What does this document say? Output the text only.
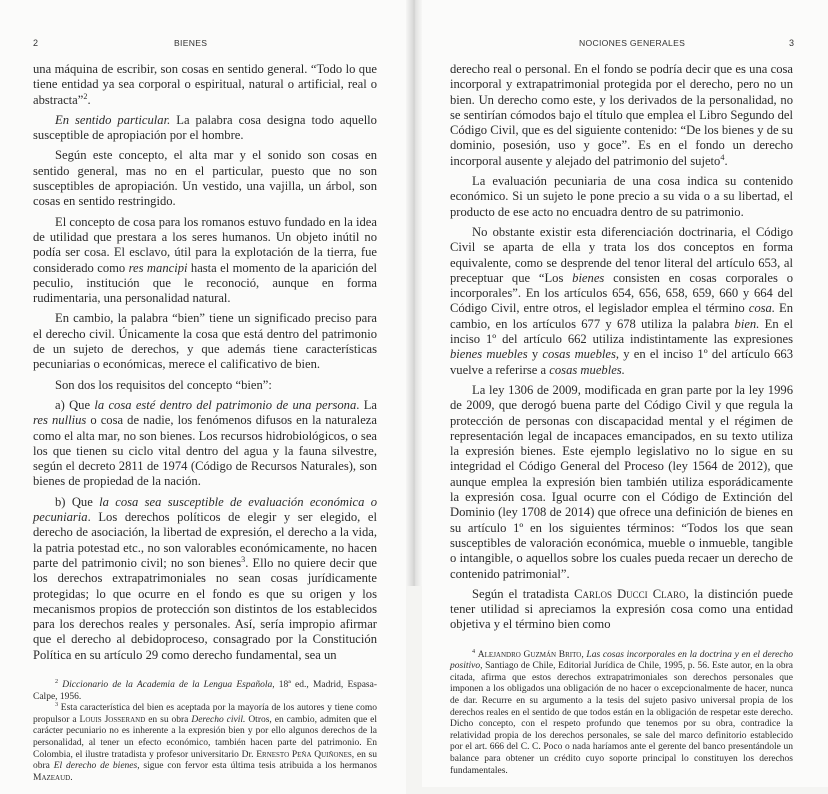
2	BIENES

una máquina de escribir, son cosas en sentido general. “Todo lo que tiene entidad ya sea corporal o espiritual, natural o artificial, real o abstracta”$^2$.

En sentido particular. La palabra cosa designa todo aquello susceptible de apropiación por el hombre.

Según este concepto, el alta mar y el sonido son cosas en sentido general, mas no en el particular, puesto que no son susceptibles de apropiación. Un vestido, una vajilla, un árbol, son cosas en sentido restringido.

El concepto de cosa para los romanos estuvo fundado en la idea de utilidad que prestara a los seres humanos. Un objeto inútil no podía ser cosa. El esclavo, útil para la explotación de la tierra, fue considerado como res mancipi hasta el momento de la aparición del peculio, institución que le reconoció, aunque en forma rudimentaria, una personalidad natural.

En cambio, la palabra “bien” tiene un significado preciso para el derecho civil. Únicamente la cosa que está dentro del patrimonio de un sujeto de derechos, y que además tiene características pecuniarias o económicas, merece el calificativo de bien.

Son dos los requisitos del concepto “bien”:

a) Que la cosa esté dentro del patrimonio de una persona. La res nullius o cosa de nadie, los fenómenos difusos en la naturaleza como el alta mar, no son bienes. Los recursos hidrobiológicos, o sea los que tienen su ciclo vital dentro del agua y la fauna silvestre, según el decreto 2811 de 1974 (Código de Recursos Naturales), son bienes de propiedad de la nación.

b) Que la cosa sea susceptible de evaluación económica o pecuniaria. Los derechos políticos de elegir y ser elegido, el derecho de asociación, la libertad de expresión, el derecho a la vida, la patria potestad etc., no son valorables económicamente, no hacen parte del patrimonio civil; no son bienes$^3$. Ello no quiere decir que los derechos extrapatrimoniales no sean cosas jurídicamente protegidas; lo que ocurre en el fondo es que su origen y los mecanismos propios de protección son distintos de los establecidos para los derechos reales y personales. Así, sería impropio afirmar que el derecho al debidoproceso, consagrado por la Constitución Política en su artículo 29 como derecho fundamental, sea un

$^2$ Diccionario de la Academia de la Lengua Española, 18ª ed., Madrid, Espasa-Calpe, 1956.

$^3$ Esta característica del bien es aceptada por la mayoría de los autores y tiene como propulsor a Louis Josserand en su obra Derecho civil. Otros, en cambio, admiten que el carácter pecuniario no es inherente a la expresión bien y por ello algunos derechos de la personalidad, al tener un efecto económico, también hacen parte del patrimonio. En Colombia, el ilustre tratadista y profesor universitario Dr. Ernesto Peña Quiñones, en su obra El derecho de bienes, sigue con fervor esta última tesis atribuida a los hermanos Mazeaud.

NOCIONES GENERALES	3

derecho real o personal. En el fondo se podría decir que es una cosa incorporal y extrapatrimonial protegida por el derecho, pero no un bien. Un derecho como este, y los derivados de la personalidad, no se sentirían cómodos bajo el título que emplea el Libro Segundo del Código Civil, que es del siguiente contenido: “De los bienes y de su dominio, posesión, uso y goce”. Es en el fondo un derecho incorporal ausente y alejado del patrimonio del sujeto$^4$.

La evaluación pecuniaria de una cosa indica su contenido económico. Si un sujeto le pone precio a su vida o a su libertad, el producto de ese acto no encuadra dentro de su patrimonio.

No obstante existir esta diferenciación doctrinaria, el Código Civil se aparta de ella y trata los dos conceptos en forma equivalente, como se desprende del tenor literal del artículo 653, al preceptuar que “Los bienes consisten en cosas corporales o incorporales”. En los artículos 654, 656, 658, 659, 660 y 664 del Código Civil, entre otros, el legislador emplea el término cosa. En cambio, en los artículos 677 y 678 utiliza la palabra bien. En el inciso 1º del artículo 662 utiliza indistintamente las expresiones bienes muebles y cosas muebles, y en el inciso 1º del artículo 663 vuelve a referirse a cosas muebles.

La ley 1306 de 2009, modificada en gran parte por la ley 1996 de 2009, que derogó buena parte del Código Civil y que regula la protección de personas con discapacidad mental y el régimen de representación legal de incapaces emancipados, en su texto utiliza la expresión bienes. Este ejemplo legislativo no lo sigue en su integridad el Código General del Proceso (ley 1564 de 2012), que aunque emplea la expresión bien también utiliza esporádicamente la expresión cosa. Igual ocurre con el Código de Extinción del Dominio (ley 1708 de 2014) que ofrece una definición de bienes en su artículo 1º en los siguientes términos: “Todos los que sean susceptibles de valoración económica, mueble o inmueble, tangible o intangible, o aquellos sobre los cuales pueda recaer un derecho de contenido patrimonial”.

Según el tratadista Carlos Ducci Claro, la distinción puede tener utilidad si apreciamos la expresión cosa como una entidad objetiva y el término bien como

$^4$ Alejandro Guzmán Brito, Las cosas incorporales en la doctrina y en el derecho positivo, Santiago de Chile, Editorial Jurídica de Chile, 1995, p. 56. Este autor, en la obra citada, afirma que estos derechos extrapatrimoniales son derechos personales que imponen a los obligados una obligación de no hacer o excepcionalmente de hacer, nunca de dar. Recurre en su argumento a la tesis del sujeto pasivo universal propia de los derechos reales en el sentido de que todos están en la obligación de respetar este derecho. Dicho concepto, con el respeto profundo que tenemos por su obra, contradice la relatividad propia de los derechos personales, se sale del marco definitorio establecido por el art. 666 del C. C. Poco o nada haríamos ante el gerente del banco presentándole un balance para obtener un crédito cuyo soporte principal lo constituyen los derechos fundamentales.
